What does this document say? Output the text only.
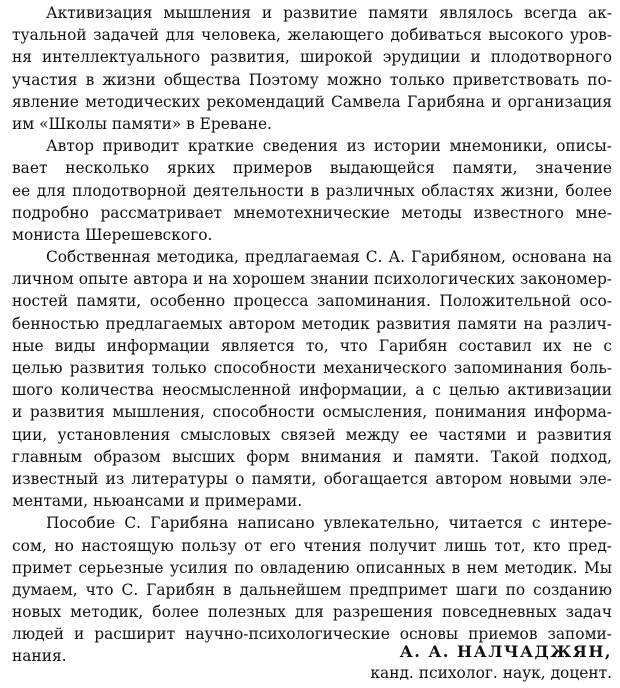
Активизация мышления и развитие памяти являлось всегда ак-
туальной задачей для человека, желающего добиваться высокого уров-
ня интеллектуального развития, широкой эрудиции и плодотворного
участия в жизни общества Поэтому можно только приветствовать по-
явление методических рекомендаций Самвела Гарибяна и организация
им «Школы памяти» в Ереване.
Автор приводит краткие сведения из истории мнемоники, описы-
вает несколько ярких примеров выдающейся памяти, значение
ее для плодотворной деятельности в различных областях жизни, более
подробно рассматривает мнемотехнические методы известного мне-
мониста Шерешевского.
Собственная методика, предлагаемая С. А. Гарибяном, основана на
личном опыте автора и на хорошем знании психологических закономер-
ностей памяти, особенно процесса запоминания. Положительной осо-
бенностью предлагаемых автором методик развития памяти на различ-
ные виды информации является то, что Гарибян составил их не с
целью развития только способности механического запоминания боль-
шого количества неосмысленной информации, а с целью активизации
и развития мышления, способности осмысления, понимания информа-
ции, установления смысловых связей между ее частями и развития
главным образом высших форм внимания и памяти. Такой подход,
известный из литературы о памяти, обогащается автором новыми элe-
ментами, ньюансами и примерами.
Пособие С. Гарибяна написано увлекательно, читается с интере-
сом, но настоящую пользу от его чтения получит лишь тот, кто пред-
примет серьезные усилия по овладению описанных в нем методик. Мы
думаем, что С. Гарибян в дальнейшем предпримет шаги по созданию
новых методик, более полезных для разрешения повседневных задач
людей и расширит научно-психологические основы приемов запоми-
нания.	А. А. НАЛЧАДЖЯН,
канд. психолог. наук, доцент.
